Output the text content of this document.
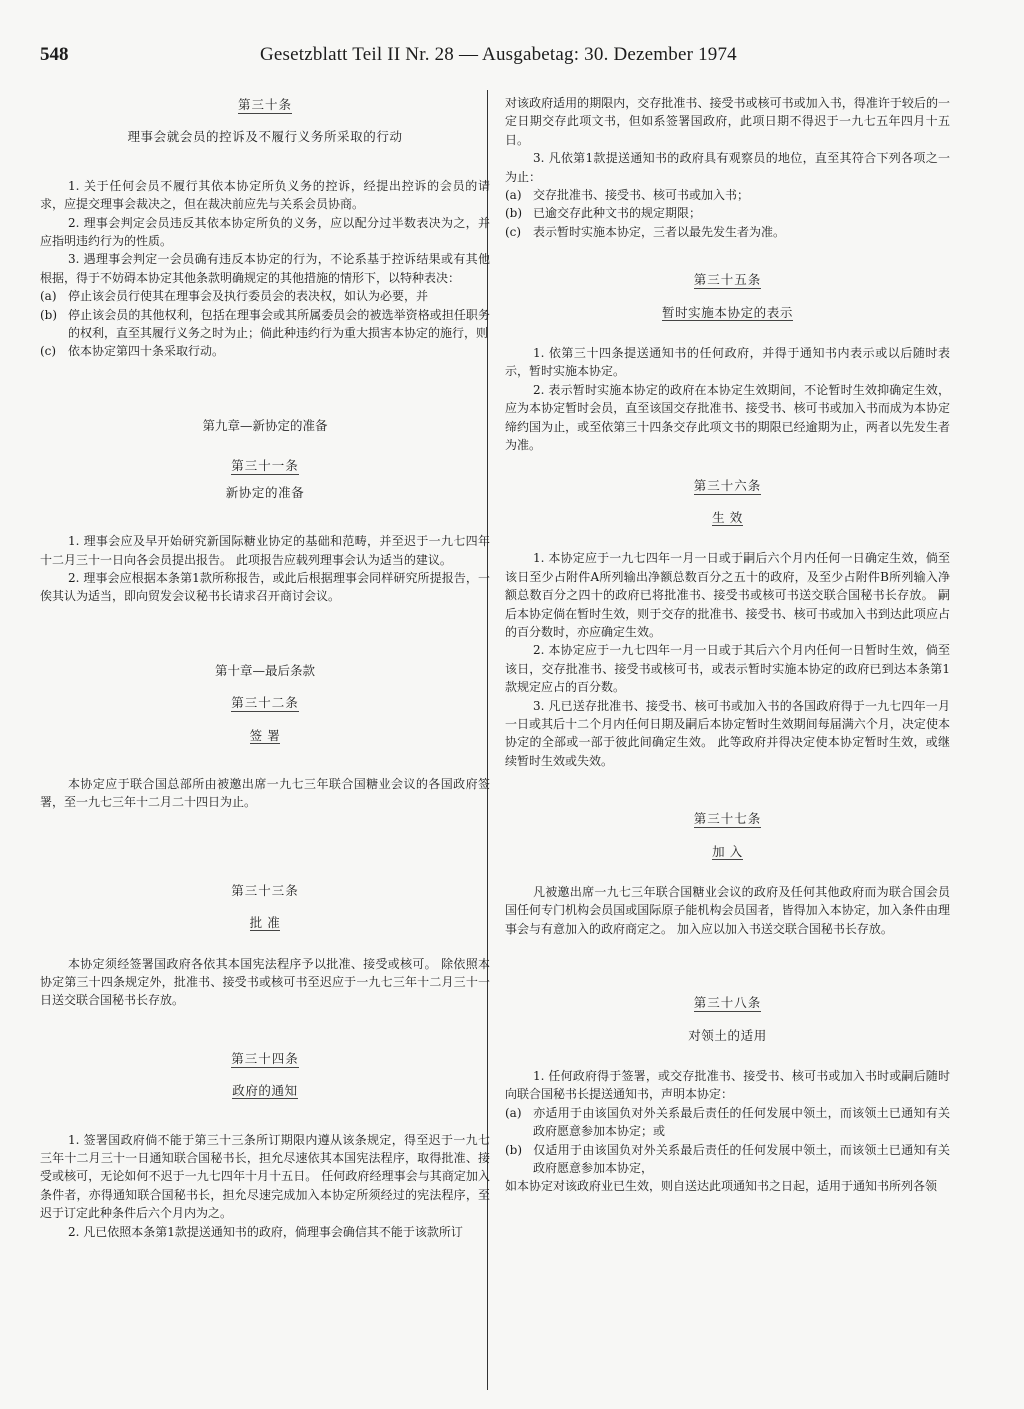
548	Gesetzblatt Teil II Nr. 28 — Ausgabetag: 30. Dezember 1974

第三十条

理事会就会员的控诉及不履行义务所采取的行动

1. 关于任何会员不履行其依本协定所负义务的控诉，经提出控诉的会员的请求，应提交理事会裁决之，但在裁决前应先与关系会员协商。

2. 理事会判定会员违反其依本协定所负的义务，应以配分过半数表决为之，并应指明违约行为的性质。

3. 遇理事会判定一会员确有违反本协定的行为，不论系基于控诉结果或有其他根据，得于不妨碍本协定其他条款明确规定的其他措施的情形下，以特种表决：

(a) 停止该会员行使其在理事会及执行委员会的表决权，如认为必要，并

(b) 停止该会员的其他权利，包括在理事会或其所属委员会的被选举资格或担任职务的权利，直至其履行义务之时为止；倘此种违约行为重大损害本协定的施行，则

(c) 依本协定第四十条采取行动。

第九章—新协定的准备

第三十一条

新协定的准备

1. 理事会应及早开始研究新国际糖业协定的基础和范畴，并至迟于一九七四年十二月三十一日向各会员提出报告。 此项报告应载列理事会认为适当的建议。

2. 理事会应根据本条第1款所称报告，或此后根据理事会同样研究所提报告，一俟其认为适当，即向贸发会议秘书长请求召开商讨会议。

第十章—最后条款

第三十二条

签 署

本协定应于联合国总部所由被邀出席一九七三年联合国糖业会议的各国政府签署，至一九七三年十二月二十四日为止。

第三十三条

批 准

本协定须经签署国政府各依其本国宪法程序予以批准、接受或核可。 除依照本协定第三十四条规定外，批准书、接受书或核可书至迟应于一九七三年十二月三十一日送交联合国秘书长存放。

第三十四条

政府的通知

1. 签署国政府倘不能于第三十三条所订期限内遵从该条规定，得至迟于一九七三年十二月三十一日通知联合国秘书长，担允尽速依其本国宪法程序，取得批准、接受或核可，无论如何不迟于一九七四年十月十五日。 任何政府经理事会与其商定加入条件者，亦得通知联合国秘书长，担允尽速完成加入本协定所须经过的宪法程序，至迟于订定此种条件后六个月内为之。

2. 凡已依照本条第1款提送通知书的政府，倘理事会确信其不能于该款所订

对该政府适用的期限内，交存批准书、接受书或核可书或加入书，得准许于较后的一定日期交存此项文书，但如系签署国政府，此项日期不得迟于一九七五年四月十五日。

3. 凡依第1款提送通知书的政府具有观察员的地位，直至其符合下列各项之一为止：

(a) 交存批准书、接受书、核可书或加入书；

(b) 已逾交存此种文书的规定期限；

(c) 表示暂时实施本协定，三者以最先发生者为准。

第三十五条

暂时实施本协定的表示

1. 依第三十四条提送通知书的任何政府，并得于通知书内表示或以后随时表示，暂时实施本协定。

2. 表示暂时实施本协定的政府在本协定生效期间，不论暂时生效抑确定生效，应为本协定暂时会员，直至该国交存批准书、接受书、核可书或加入书而成为本协定缔约国为止，或至依第三十四条交存此项文书的期限已经逾期为止，两者以先发生者为准。

第三十六条

生 效

1. 本协定应于一九七四年一月一日或于嗣后六个月内任何一日确定生效，倘至该日至少占附件A所列输出净额总数百分之五十的政府，及至少占附件B所列输入净额总数百分之四十的政府已将批准书、接受书或核可书送交联合国秘书长存放。 嗣后本协定倘在暂时生效，则于交存的批准书、接受书、核可书或加入书到达此项应占的百分数时，亦应确定生效。

2. 本协定应于一九七四年一月一日或于其后六个月内任何一日暂时生效，倘至该日，交存批准书、接受书或核可书，或表示暂时实施本协定的政府已到达本条第1款规定应占的百分数。

3. 凡已送存批准书、接受书、核可书或加入书的各国政府得于一九七四年一月一日或其后十二个月内任何日期及嗣后本协定暂时生效期间每届满六个月，决定使本协定的全部或一部于彼此间确定生效。 此等政府并得决定使本协定暂时生效，或继续暂时生效或失效。

第三十七条

加 入

凡被邀出席一九七三年联合国糖业会议的政府及任何其他政府而为联合国会员国任何专门机构会员国或国际原子能机构会员国者，皆得加入本协定，加入条件由理事会与有意加入的政府商定之。 加入应以加入书送交联合国秘书长存放。

第三十八条

对领土的适用

1. 任何政府得于签署，或交存批准书、接受书、核可书或加入书时或嗣后随时向联合国秘书长提送通知书，声明本协定：

(a) 亦适用于由该国负对外关系最后责任的任何发展中领土，而该领土已通知有关政府愿意参加本协定；或

(b) 仅适用于由该国负对外关系最后责任的任何发展中领土，而该领土已通知有关政府愿意参加本协定，

如本协定对该政府业已生效，则自送达此项通知书之日起，适用于通知书所列各领
